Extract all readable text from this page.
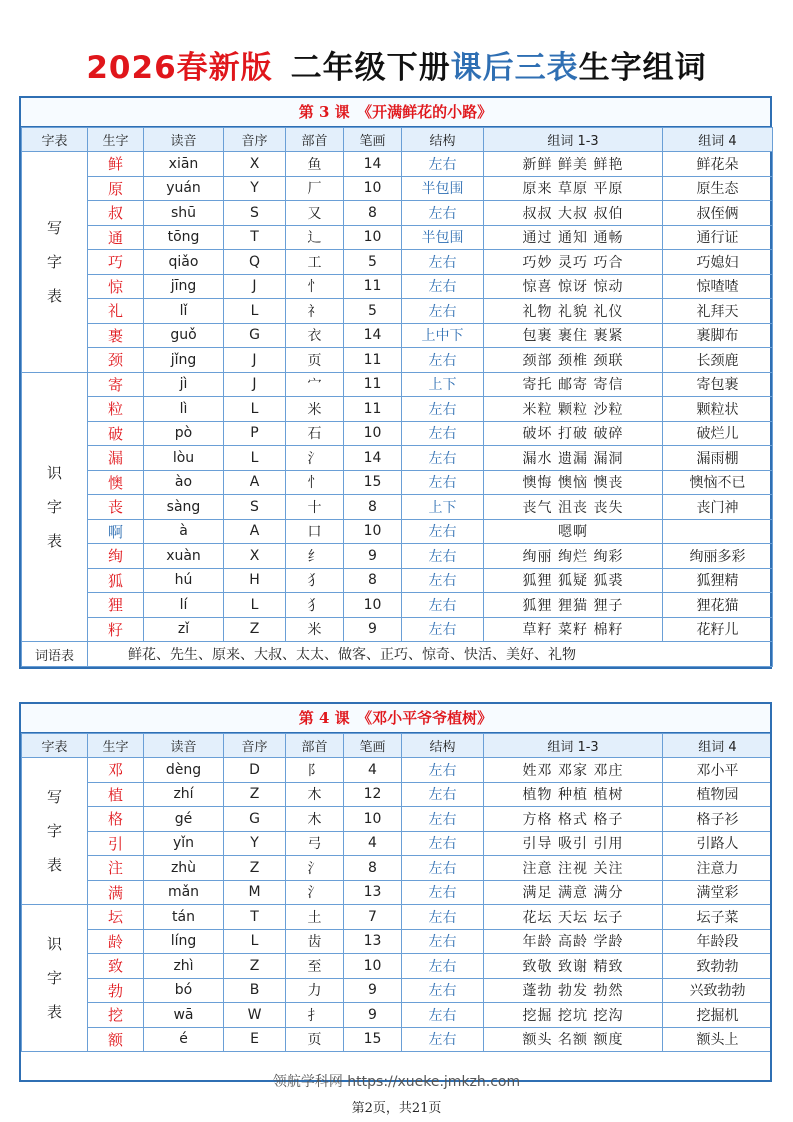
2026春新版 二年级下册课后三表生字组词
第 3 课　《开满鲜花的小路》
字表	生字	读音	音序	部首	笔画	结构	组词 1-3	组词 4

写字表	鲜	xiān	X	鱼	14	左右	新鲜 鲜美 鲜艳	鲜花朵
	原	yuán	Y	厂	10	半包围	原来 草原 平原	原生态
	叔	shū	S	又	8	左右	叔叔 大叔 叔伯	叔侄俩
	通	tōng	T	辶	10	半包围	通过 通知 通畅	通行证
	巧	qiǎo	Q	工	5	左右	巧妙 灵巧 巧合	巧媳妇
	惊	jīng	J	忄	11	左右	惊喜 惊讶 惊动	惊喳喳
	礼	lǐ	L	礻	5	左右	礼物 礼貌 礼仪	礼拜天
	裹	guǒ	G	衣	14	上中下	包裹 裹住 裹紧	裹脚布
	颈	jǐng	J	页	11	左右	颈部 颈椎 颈联	长颈鹿

识字表	寄	jì	J	宀	11	上下	寄托 邮寄 寄信	寄包裹
	粒	lì	L	米	11	左右	米粒 颗粒 沙粒	颗粒状
	破	pò	P	石	10	左右	破坏 打破 破碎	破烂儿
	漏	lòu	L	氵	14	左右	漏水 遗漏 漏洞	漏雨棚
	懊	ào	A	忄	15	左右	懊悔 懊恼 懊丧	懊恼不已
	丧	sàng	S	十	8	上下	丧气 沮丧 丧失	丧门神
	啊	à	A	口	10	左右	嗯啊	
	绚	xuàn	X	纟	9	左右	绚丽 绚烂 绚彩	绚丽多彩
	狐	hú	H	犭	8	左右	狐狸 狐疑 狐裘	狐狸精
	狸	lí	L	犭	10	左右	狐狸 狸猫 狸子	狸花猫
	籽	zǐ	Z	米	9	左右	草籽 菜籽 棉籽	花籽儿
词语表	鲜花、先生、原来、大叔、太太、做客、正巧、惊奇、快活、美好、礼物							
第 4 课　《邓小平爷爷植树》
字表	生字	读音	音序	部首	笔画	结构	组词 1-3	组词 4

写字表	邓	dèng	D	阝	4	左右	姓邓 邓家 邓庄	邓小平
	植	zhí	Z	木	12	左右	植物 种植 植树	植物园
	格	gé	G	木	10	左右	方格 格式 格子	格子衫
	引	yǐn	Y	弓	4	左右	引导 吸引 引用	引路人
	注	zhù	Z	氵	8	左右	注意 注视 关注	注意力
	满	mǎn	M	氵	13	左右	满足 满意 满分	满堂彩

识字表	坛	tán	T	土	7	左右	花坛 天坛 坛子	坛子菜
	龄	líng	L	齿	13	左右	年龄 高龄 学龄	年龄段
	致	zhì	Z	至	10	左右	致敬 致谢 精致	致勃勃
	勃	bó	B	力	9	左右	蓬勃 勃发 勃然	兴致勃勃
	挖	wā	W	扌	9	左右	挖掘 挖坑 挖沟	挖掘机
	额	é	E	页	15	左右	额头 名额 额度	额头上
领航学科网 https://xueke.jmkzh.com
第2页，共21页
